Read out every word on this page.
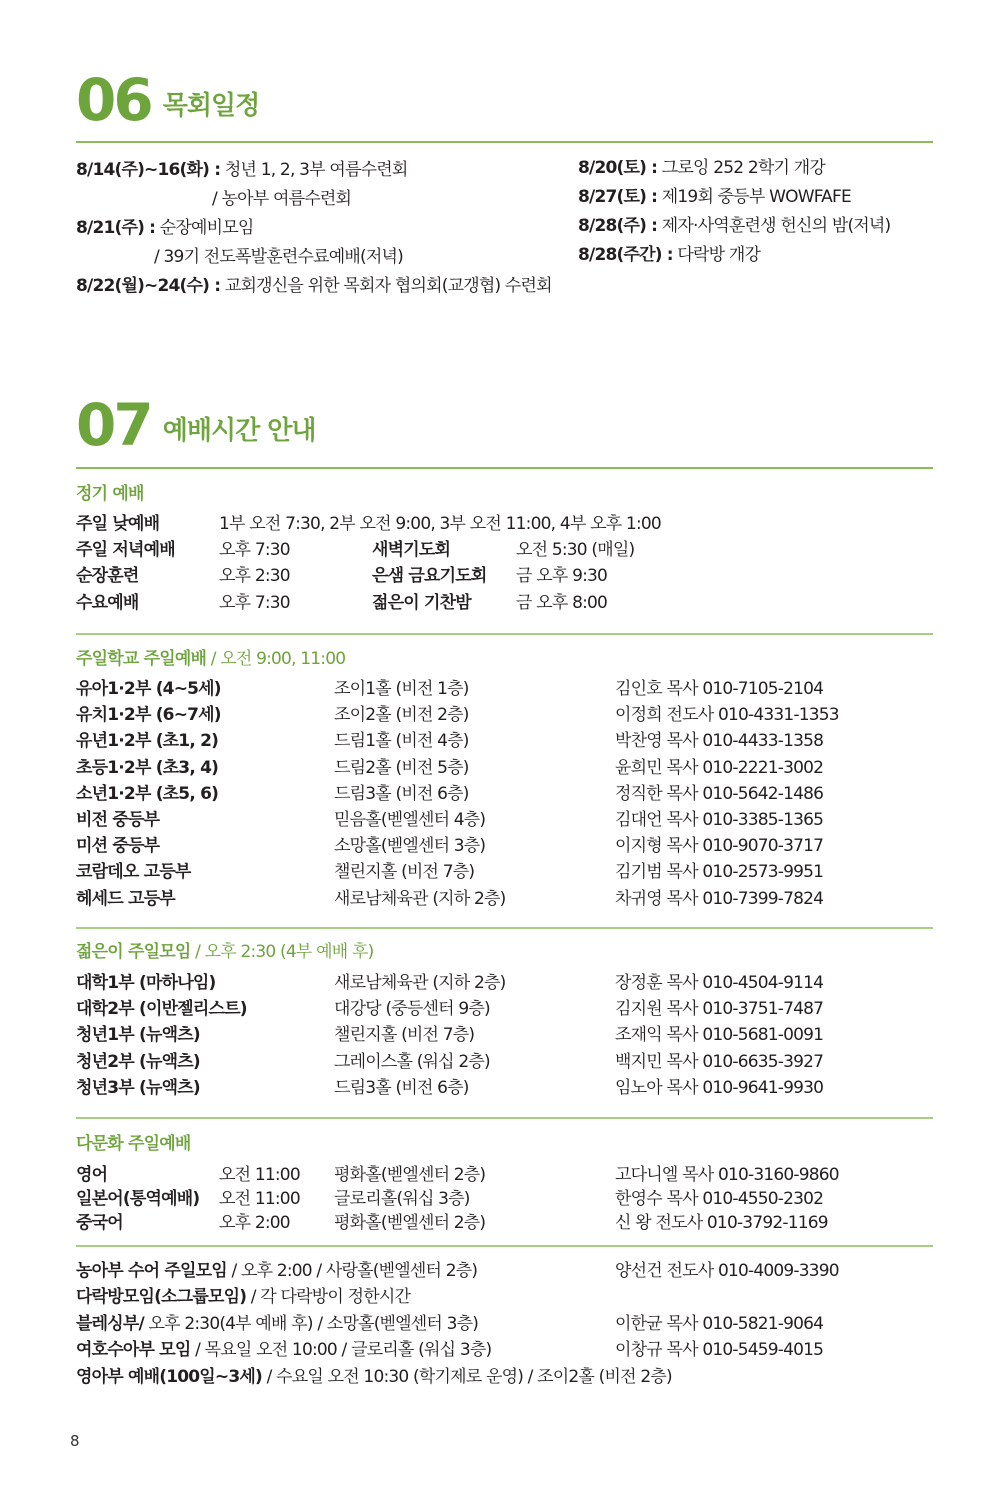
06 목회일정
8/14(주)~16(화) : 청년 1, 2, 3부 여름수련회
/ 농아부 여름수련회
8/21(주) : 순장예비모임
/ 39기 전도폭발훈련수료예배(저녁)
8/22(월)~24(수) : 교회갱신을 위한 목회자 협의회(교갱협) 수련회
8/20(토) : 그로잉 252 2학기 개강
8/27(토) : 제19회 중등부 WOWFAFE
8/28(주) : 제자·사역훈련생 헌신의 밤(저녁)
8/28(주간) : 다락방 개강
07 예배시간 안내
정기 예배
주일 낮예배	1부 오전 7:30, 2부 오전 9:00, 3부 오전 11:00, 4부 오후 1:00
주일 저녁예배	오후 7:30	새벽기도회	오전 5:30 (매일)
순장훈련	오후 2:30	은샘 금요기도회 금 오후 9:30
수요예배	오후 7:30	젊은이 기찬밤	금 오후 8:00
주일학교 주일예배 / 오전 9:00, 11:00
유아1·2부 (4~5세)	조이1홀 (비전 1층)	김인호 목사 010-7105-2104
유치1·2부 (6~7세)	조이2홀 (비전 2층)	이정희 전도사 010-4331-1353
유년1·2부 (초1, 2)	드림1홀 (비전 4층)	박찬영 목사 010-4433-1358
초등1·2부 (초3, 4)	드림2홀 (비전 5층)	윤희민 목사 010-2221-3002
소년1·2부 (초5, 6)	드림3홀 (비전 6층)	정직한 목사 010-5642-1486
비전 중등부	믿음홀(벧엘센터 4층)	김대언 목사 010-3385-1365
미션 중등부	소망홀(벧엘센터 3층)	이지형 목사 010-9070-3717
코람데오 고등부	챌린지홀 (비전 7층)	김기범 목사 010-2573-9951
헤세드 고등부	새로남체육관 (지하 2층)	차귀영 목사 010-7399-7824
젊은이 주일모임 / 오후 2:30 (4부 예배 후)
대학1부 (마하나임)	새로남체육관 (지하 2층)	장정훈 목사 010-4504-9114
대학2부 (이반젤리스트)	대강당 (중등센터 9층)	김지원 목사 010-3751-7487
청년1부 (뉴액츠)	챌린지홀 (비전 7층)	조재익 목사 010-5681-0091
청년2부 (뉴액츠)	그레이스홀 (워십 2층)	백지민 목사 010-6635-3927
청년3부 (뉴액츠)	드림3홀 (비전 6층)	임노아 목사 010-9641-9930
다문화 주일예배
영어	오전 11:00 평화홀(벧엘센터 2층)	고다니엘 목사 010-3160-9860
일본어(통역예배) 오전 11:00 글로리홀(워십 3층)	한영수 목사 010-4550-2302
중국어	오후 2:00	평화홀(벧엘센터 2층)	신 왕 전도사 010-3792-1169
농아부 수어 주일모임 / 오후 2:00 / 사랑홀(벧엘센터 2층)	양선건 전도사 010-4009-3390
다락방모임(소그룹모임) / 각 다락방이 정한시간
블레싱부/ 오후 2:30(4부 예배 후) / 소망홀(벧엘센터 3층)	이한균 목사 010-5821-9064
여호수아부 모임 / 목요일 오전 10:00 / 글로리홀 (워십 3층)	이창규 목사 010-5459-4015
영아부 예배(100일~3세) / 수요일 오전 10:30 (학기제로 운영) / 조이2홀 (비전 2층)
8
